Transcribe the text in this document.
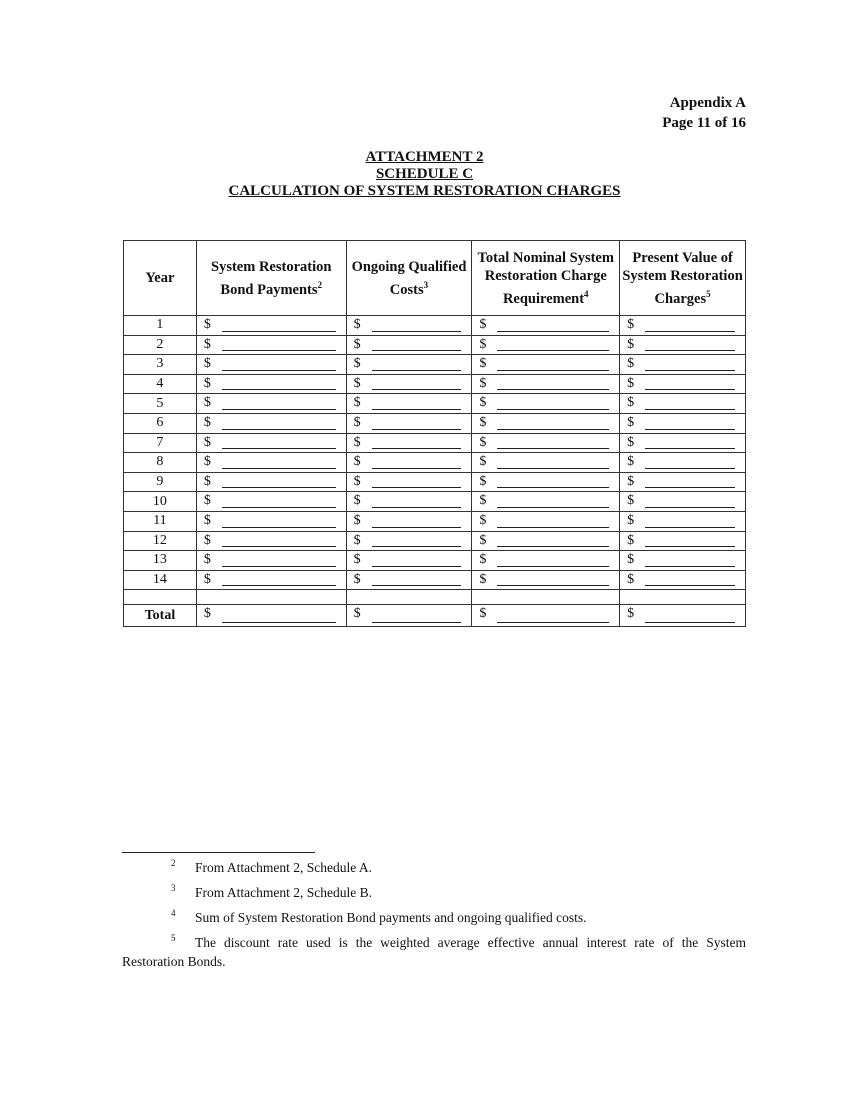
Appendix A
Page 11 of 16
ATTACHMENT 2
SCHEDULE C
CALCULATION OF SYSTEM RESTORATION CHARGES
Year	System Restoration Bond Payments$^2$	Ongoing Qualified Costs$^3$	Total Nominal System Restoration Charge Requirement$^4$	Present Value of System Restoration Charges$^5$
1	$	$	$	$

2	$	$	$	$

3	$	$	$	$

4	$	$	$	$

5	$	$	$	$

6	$	$	$	$

7	$	$	$	$

8	$	$	$	$

9	$	$	$	$

10	$	$	$	$

11	$	$	$	$

12	$	$	$	$

13	$	$	$	$

14	$	$	$	$

Total	$	$	$	$
2 From Attachment 2, Schedule A.
3 From Attachment 2, Schedule B.
4 Sum of System Restoration Bond payments and ongoing qualified costs.
5	The discount rate used is the weighted average effective annual interest rate of the System Restoration Bonds.
